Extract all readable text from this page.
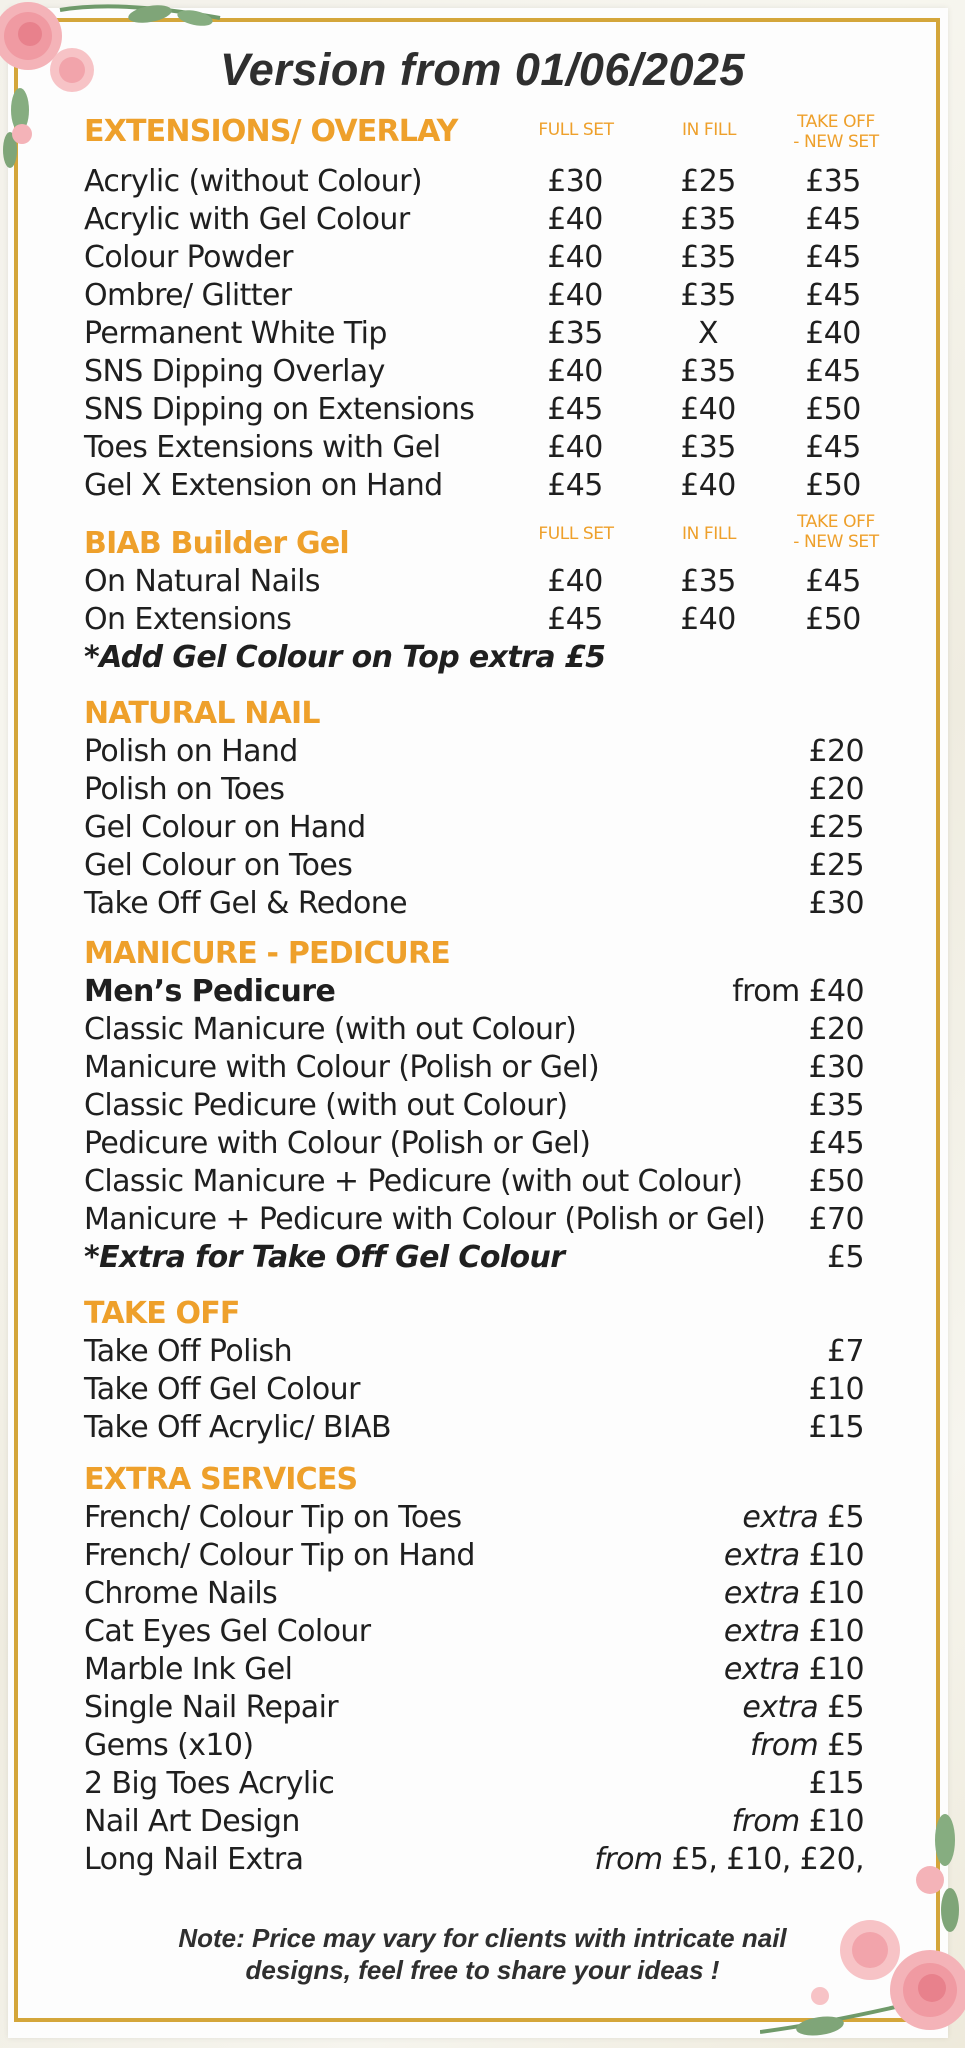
Version from 01/06/2025
EXTENSIONS/ OVERLAY	FULL SET	IN FILL	TAKE OFF
- NEW SET
Acrylic (without Colour)	£30	£25	£35
Acrylic with Gel Colour	£40	£35	£45
Colour Powder	£40	£35	£45
Ombre/ Glitter	£40	£35	£45
Permanent White Tip	£35	X	£40
SNS Dipping Overlay	£40	£35	£45
SNS Dipping on Extensions	£45	£40	£50
Toes Extensions with Gel	£40	£35	£45
Gel X Extension on Hand	£45	£40	£50
BIAB Builder Gel	FULL SET	IN FILL
TAKE OFF
- NEW SET
On Natural Nails	£40	£35	£45
On Extensions	£45	£40	£50
*Add Gel Colour on Top extra £5
NATURAL NAIL
Polish on Hand	£20
Polish on Toes	£20
Gel Colour on Hand	£25
Gel Colour on Toes	£25
Take Off Gel & Redone	£30
MANICURE - PEDICURE
Men’s Pedicure	from £40
Classic Manicure (with out Colour)	£20
Manicure with Colour (Polish or Gel)	£30
Classic Pedicure (with out Colour)	£35
Pedicure with Colour (Polish or Gel)	£45
Classic Manicure + Pedicure (with out Colour) £50
Manicure + Pedicure with Colour (Polish or Gel) £70
*Extra for Take Off Gel Colour	£5
TAKE OFF
Take Off Polish	£7
Take Off Gel Colour	£10
Take Off Acrylic/ BIAB	£15
EXTRA SERVICES
French/ Colour Tip on Toes	extra £5
French/ Colour Tip on Hand	extra £10
Chrome Nails	extra £10
Cat Eyes Gel Colour	extra £10
Marble Ink Gel	extra £10
Single Nail Repair	extra £5
Gems (x10)	from £5
2 Big Toes Acrylic	£15
Nail Art Design	from £10
Long Nail Extra	from £5, £10, £20,
Note: Price may vary for clients with intricate nail
designs, feel free to share your ideas !
